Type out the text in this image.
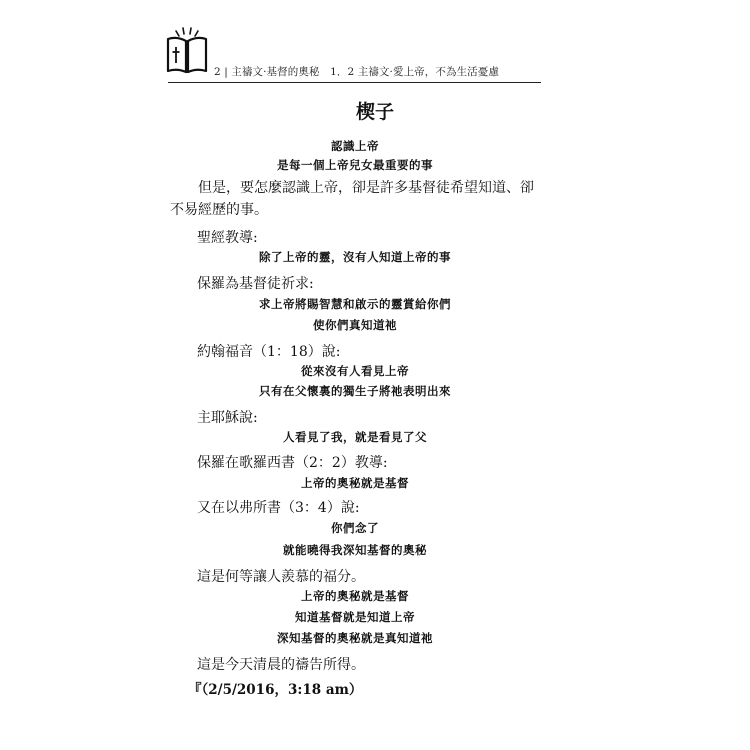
2 | 主禱文·基督的奧秘　1．2 主禱文·愛上帝，不為生活憂慮
楔子
認識上帝
是每一個上帝兒女最重要的事
但是，要怎麼認識上帝，卻是許多基督徒希望知道、卻不易經歷的事。
聖經教導:
除了上帝的靈，沒有人知道上帝的事
保羅為基督徒祈求:
求上帝將賜智慧和啟示的靈賞給你們
使你們真知道祂
約翰福音（1：18）說:
從來沒有人看見上帝
只有在父懷裏的獨生子將祂表明出來
主耶穌說:
人看見了我，就是看見了父
保羅在歌羅西書（2：2）教導:
上帝的奧秘就是基督
又在以弗所書（3：4）說:
你們念了
就能曉得我深知基督的奧秘
這是何等讓人羨慕的福分。
上帝的奧秘就是基督
知道基督就是知道上帝
深知基督的奧秘就是真知道祂
這是今天清晨的禱告所得。
『（2/5/2016，3:18 am）
